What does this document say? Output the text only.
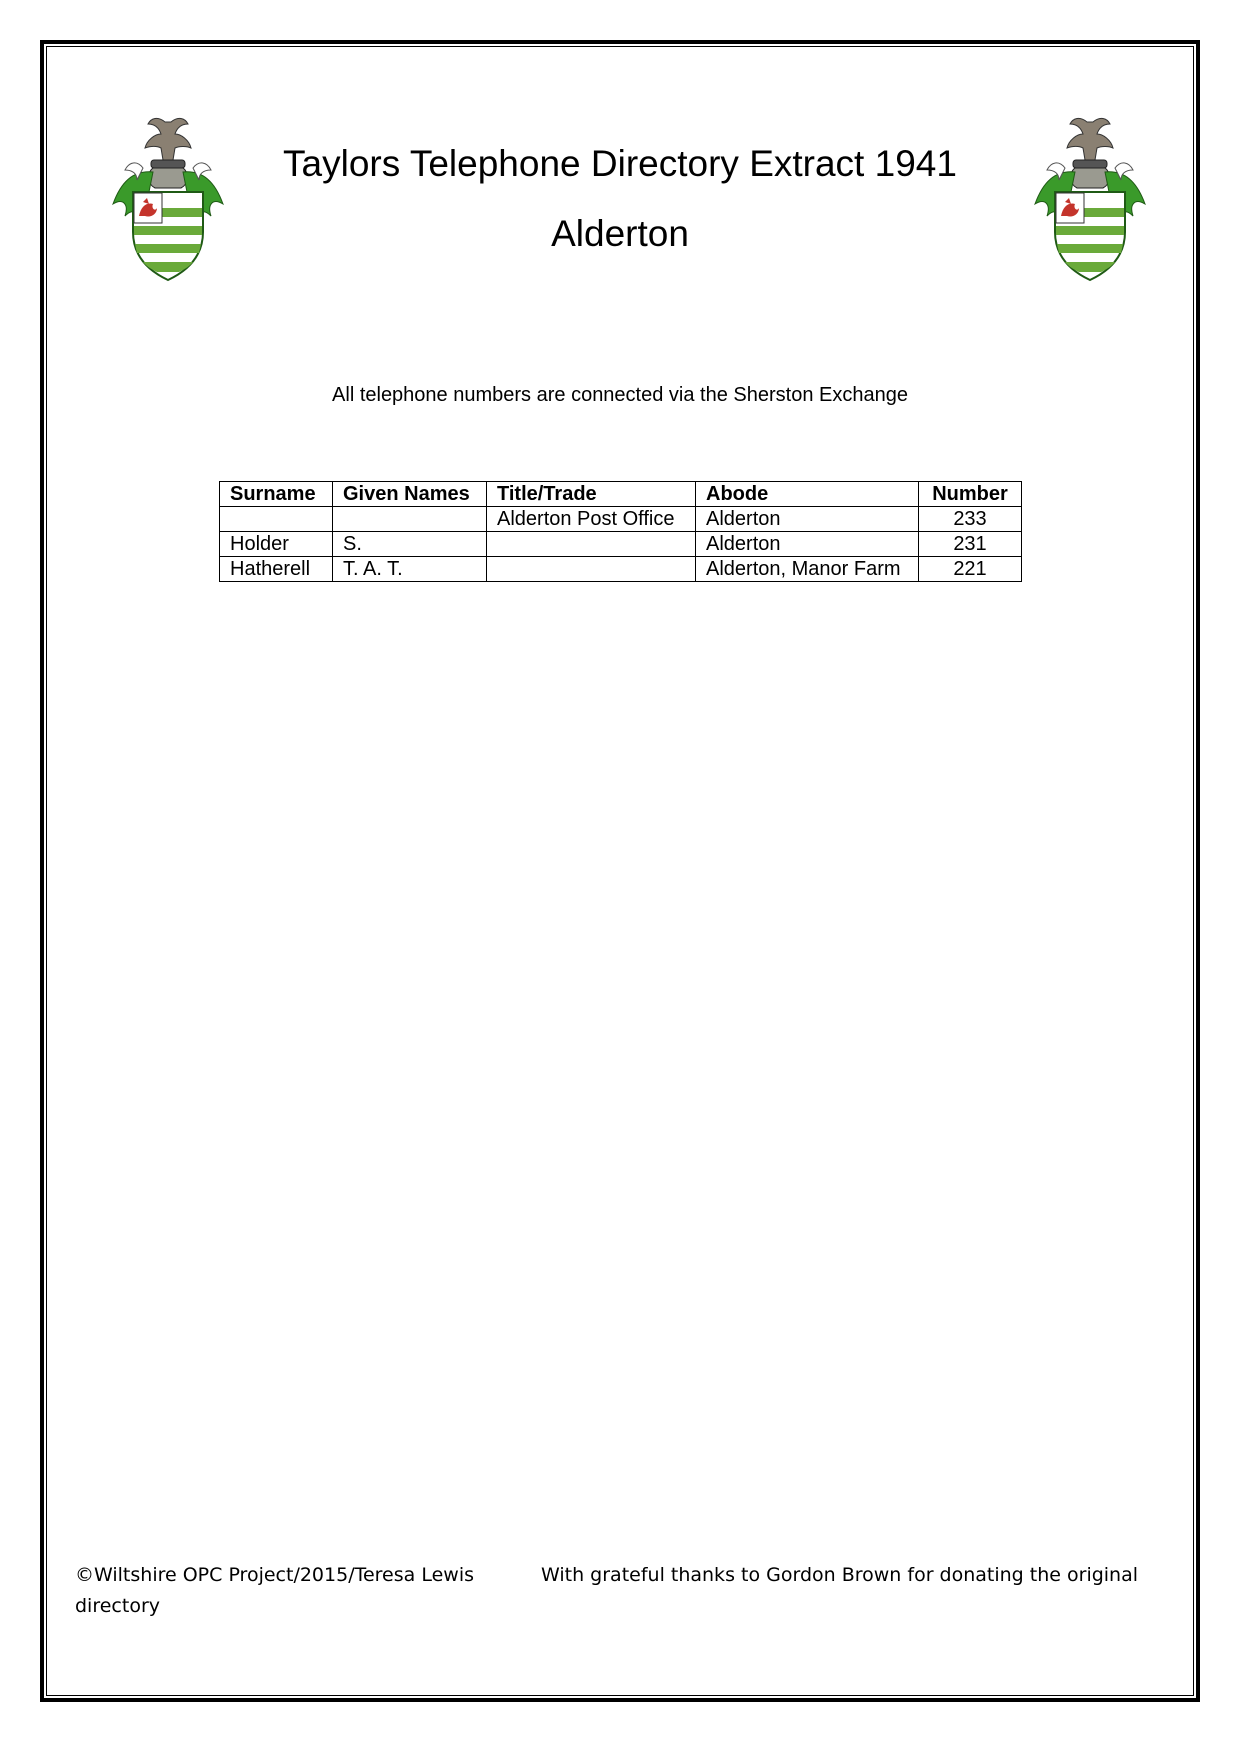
Taylors Telephone Directory Extract 1941
Alderton
All telephone numbers are connected via the Sherston Exchange
Surname	Given Names	Title/Trade	Abode	Number
		Alderton Post Office	Alderton	233
Holder	S.		Alderton	231
Hatherell	T. A. T.		Alderton, Manor Farm	221
©Wiltshire OPC Project/2015/Teresa Lewis	With grateful thanks to Gordon Brown for donating the original
directory
